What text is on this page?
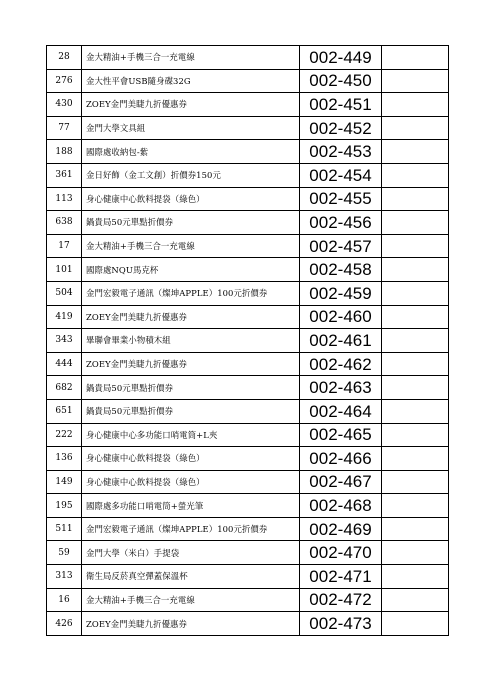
28	金大精油+手機三合一充電線	002-449	
276	金大性平會USB隨身碟32G	002-450	
430	ZOEY金門美睫九折優惠券	002-451	
77	金門大學文具組	002-452	
188	國際處收納包-紫	002-453	
361	金日好飾（金工文創）折價券150元	002-454	
113	身心健康中心飲料提袋（綠色）	002-455	
638	鍋貴局50元單點折價券	002-456	
17	金大精油+手機三合一充電線	002-457	
101	國際處NQU馬克杯	002-458	
504	金門宏毅電子通訊（燦坤APPLE）100元折價券	002-459	
419	ZOEY金門美睫九折優惠券	002-460	
343	畢聯會畢業小物積木組	002-461	
444	ZOEY金門美睫九折優惠券	002-462	
682	鍋貴局50元單點折價券	002-463	
651	鍋貴局50元單點折價券	002-464	
222	身心健康中心多功能口哨電筒+L夾	002-465	
136	身心健康中心飲料提袋（綠色）	002-466	
149	身心健康中心飲料提袋（綠色）	002-467	
195	國際處多功能口哨電筒+螢光筆	002-468	
511	金門宏毅電子通訊（燦坤APPLE）100元折價券	002-469	
59	金門大學（米白）手提袋	002-470	
313	衛生局反菸真空彈蓋保溫杯	002-471	
16	金大精油+手機三合一充電線	002-472	
426	ZOEY金門美睫九折優惠券	002-473	
